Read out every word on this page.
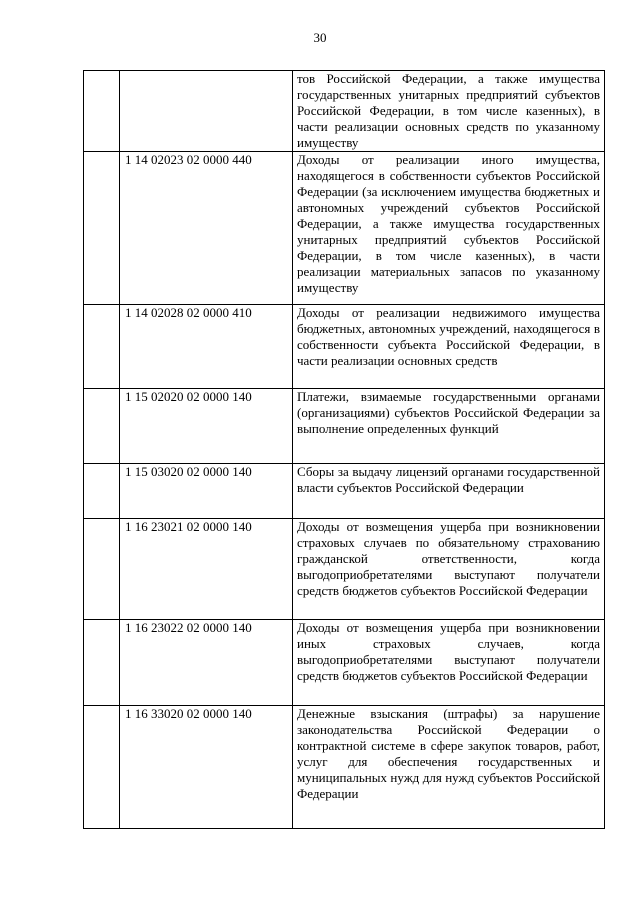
30

		тов Российской Федерации, а также имущества государственных унитарных предприятий субъектов Российской Федерации, в том числе казенных), в части реализации основных средств по указанному имуществу

	1 14 02023 02 0000 440	Доходы от реализации иного имущества, находящегося в собственности субъектов Российской Федерации (за исключением имущества бюджетных и автономных учреждений субъектов Российской Федерации, а также имущества государственных унитарных предприятий субъектов Российской Федерации, в том числе казенных), в части реализации материальных запасов по указанному имуществу

	1 14 02028 02 0000 410	Доходы от реализации недвижимого имущества бюджетных, автономных учреждений, находящегося в собственности субъекта Российской Федерации, в части реализации основных средств

	1 15 02020 02 0000 140	Платежи, взимаемые государственными органами (организациями) субъектов Российской Федерации за выполнение определенных функций

	1 15 03020 02 0000 140	Сборы за выдачу лицензий органами государственной власти субъектов Российской Федерации

	1 16 23021 02 0000 140	Доходы от возмещения ущерба при возникновении страховых случаев по обязательному страхованию гражданской ответственности, когда выгодоприобретателями выступают получатели средств бюджетов субъектов Российской Федерации

	1 16 23022 02 0000 140	Доходы от возмещения ущерба при возникновении иных страховых случаев, когда выгодоприобретателями выступают получатели средств бюджетов субъектов Российской Федерации

	1 16 33020 02 0000 140	Денежные взыскания (штрафы) за нарушение законодательства Российской Федерации о контрактной системе в сфере закупок товаров, работ, услуг для обеспечения государственных и муниципальных нужд для нужд субъектов Российской Федерации
